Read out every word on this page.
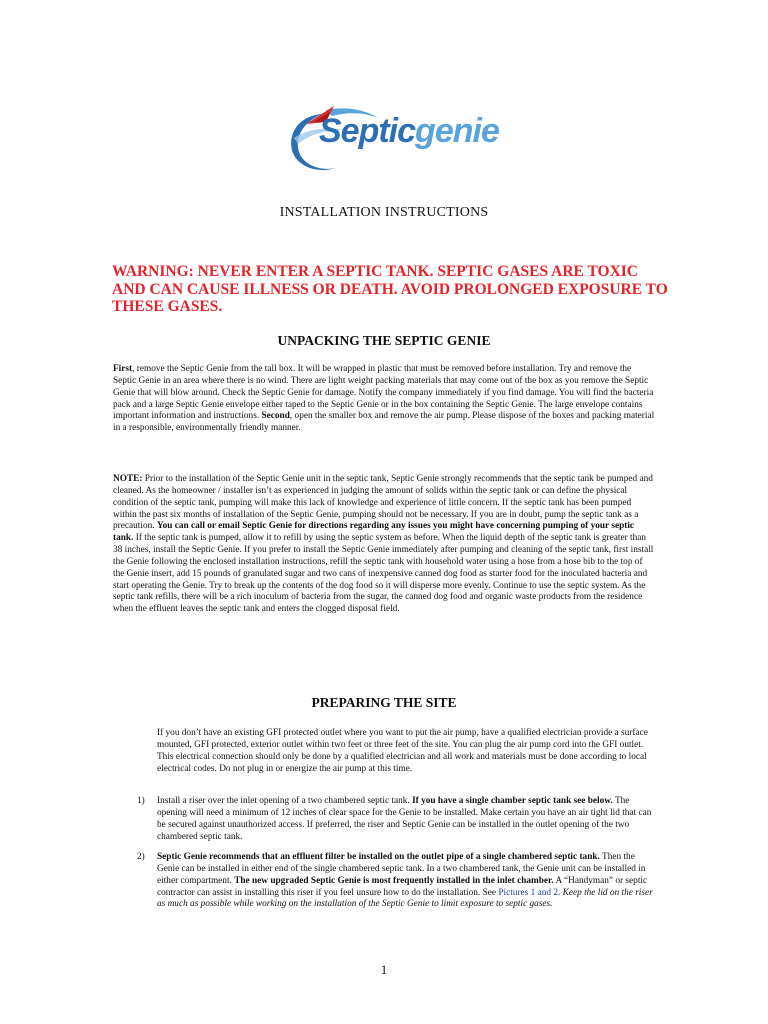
Septicgenie
INSTALLATION INSTRUCTIONS
WARNING: NEVER ENTER A SEPTIC TANK. SEPTIC GASES ARE TOXIC AND CAN CAUSE ILLNESS OR DEATH. AVOID PROLONGED EXPOSURE TO THESE GASES.
UNPACKING THE SEPTIC GENIE
First, remove the Septic Genie from the tall box. It will be wrapped in plastic that must be removed before installation. Try and remove the Septic Genie in an area where there is no wind. There are light weight packing materials that may come out of the box as you remove the Septic Genie that will blow around. Check the Septic Genie for damage. Notify the company immediately if you find damage. You will find the bacteria pack and a large Septic Genie envelope either taped to the Septic Genie or in the box containing the Septic Genie. The large envelope contains important information and instructions. Second, open the smaller box and remove the air pump. Please dispose of the boxes and packing material in a responsible, environmentally friendly manner.
NOTE: Prior to the installation of the Septic Genie unit in the septic tank, Septic Genie strongly recommends that the septic tank be pumped and cleaned. As the homeowner / installer isn’t as experienced in judging the amount of solids within the septic tank or can define the physical condition of the septic tank, pumping will make this lack of knowledge and experience of little concern. If the septic tank has been pumped within the past six months of installation of the Septic Genie, pumping should not be necessary. If you are in doubt, pump the septic tank as a precaution. You can call or email Septic Genie for directions regarding any issues you might have concerning pumping of your septic tank. If the septic tank is pumped, allow it to refill by using the septic system as before. When the liquid depth of the septic tank is greater than 38 inches, install the Septic Genie. If you prefer to install the Septic Genie immediately after pumping and cleaning of the septic tank, first install the Genie following the enclosed installation instructions, refill the septic tank with household water using a hose from a hose bib to the top of the Genie insert, add 15 pounds of granulated sugar and two cans of inexpensive canned dog food as starter food for the inoculated bacteria and start operating the Genie. Try to break up the contents of the dog food so it will disperse more evenly. Continue to use the septic system. As the septic tank refills, there will be a rich inoculum of bacteria from the sugar, the canned dog food and organic waste products from the residence when the effluent leaves the septic tank and enters the clogged disposal field.
PREPARING THE SITE
If you don’t have an existing GFI protected outlet where you want to put the air pump, have a qualified electrician provide a surface mounted, GFI protected, exterior outlet within two feet or three feet of the site. You can plug the air pump cord into the GFI outlet. This electrical connection should only be done by a qualified electrician and all work and materials must be done according to local electrical codes. Do not plug in or energize the air pump at this time.
1) Install a riser over the inlet opening of a two chambered septic tank. If you have a single chamber septic tank see below. The opening will need a minimum of 12 inches of clear space for the Genie to be installed. Make certain you have an air tight lid that can be secured against unauthorized access. If preferred, the riser and Septic Genie can be installed in the outlet opening of the two chambered septic tank.
2) Septic Genie recommends that an effluent filter be installed on the outlet pipe of a single chambered septic tank. Then the Genie can be installed in either end of the single chambered septic tank. In a two chambered tank, the Genie unit can be installed in either compartment. The new upgraded Septic Genie is most frequently installed in the inlet chamber. A “Handyman” or septic contractor can assist in installing this riser if you feel unsure how to do the installation. See Pictures 1 and 2. Keep the lid on the riser as much as possible while working on the installation of the Septic Genie to limit exposure to septic gases.
1
